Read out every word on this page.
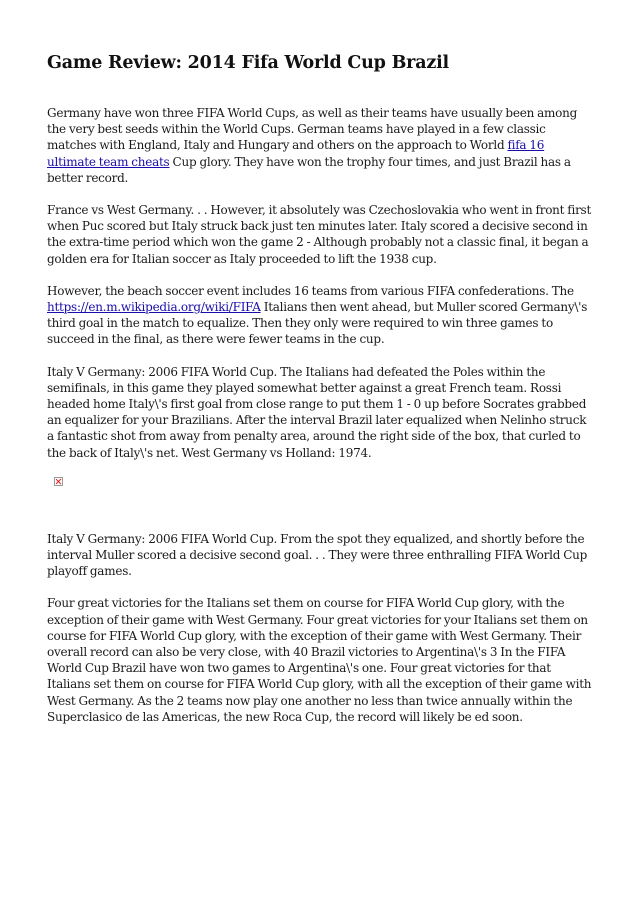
Game Review: 2014 Fifa World Cup Brazil

Germany have won three FIFA World Cups, as well as their teams have usually been among the very best seeds within the World Cups. German teams have played in a few classic matches with England, Italy and Hungary and others on the approach to World fifa 16 ultimate team cheats Cup glory. They have won the trophy four times, and just Brazil has a better record.

France vs West Germany. . . However, it absolutely was Czechoslovakia who went in front first when Puc scored but Italy struck back just ten minutes later. Italy scored a decisive second in the extra-time period which won the game 2 - Although probably not a classic final, it began a golden era for Italian soccer as Italy proceeded to lift the 1938 cup.

However, the beach soccer event includes 16 teams from various FIFA confederations. The https://en.m.wikipedia.org/wiki/FIFA Italians then went ahead, but Muller scored Germany\'s third goal in the match to equalize. Then they only were required to win three games to succeed in the final, as there were fewer teams in the cup.

Italy V Germany: 2006 FIFA World Cup. The Italians had defeated the Poles within the semifinals, in this game they played somewhat better against a great French team. Rossi headed home Italy\'s first goal from close range to put them 1 - 0 up before Socrates grabbed an equalizer for your Brazilians. After the interval Brazil later equalized when Nelinho struck a fantastic shot from away from penalty area, around the right side of the box, that curled to the back of Italy\'s net. West Germany vs Holland: 1974.

Italy V Germany: 2006 FIFA World Cup. From the spot they equalized, and shortly before the interval Muller scored a decisive second goal. . . They were three enthralling FIFA World Cup playoff games.

Four great victories for the Italians set them on course for FIFA World Cup glory, with the exception of their game with West Germany. Four great victories for your Italians set them on course for FIFA World Cup glory, with the exception of their game with West Germany. Their overall record can also be very close, with 40 Brazil victories to Argentina\'s 3 In the FIFA World Cup Brazil have won two games to Argentina\'s one. Four great victories for that Italians set them on course for FIFA World Cup glory, with all the exception of their game with West Germany. As the 2 teams now play one another no less than twice annually within the Superclasico de las Americas, the new Roca Cup, the record will likely be ed soon.
